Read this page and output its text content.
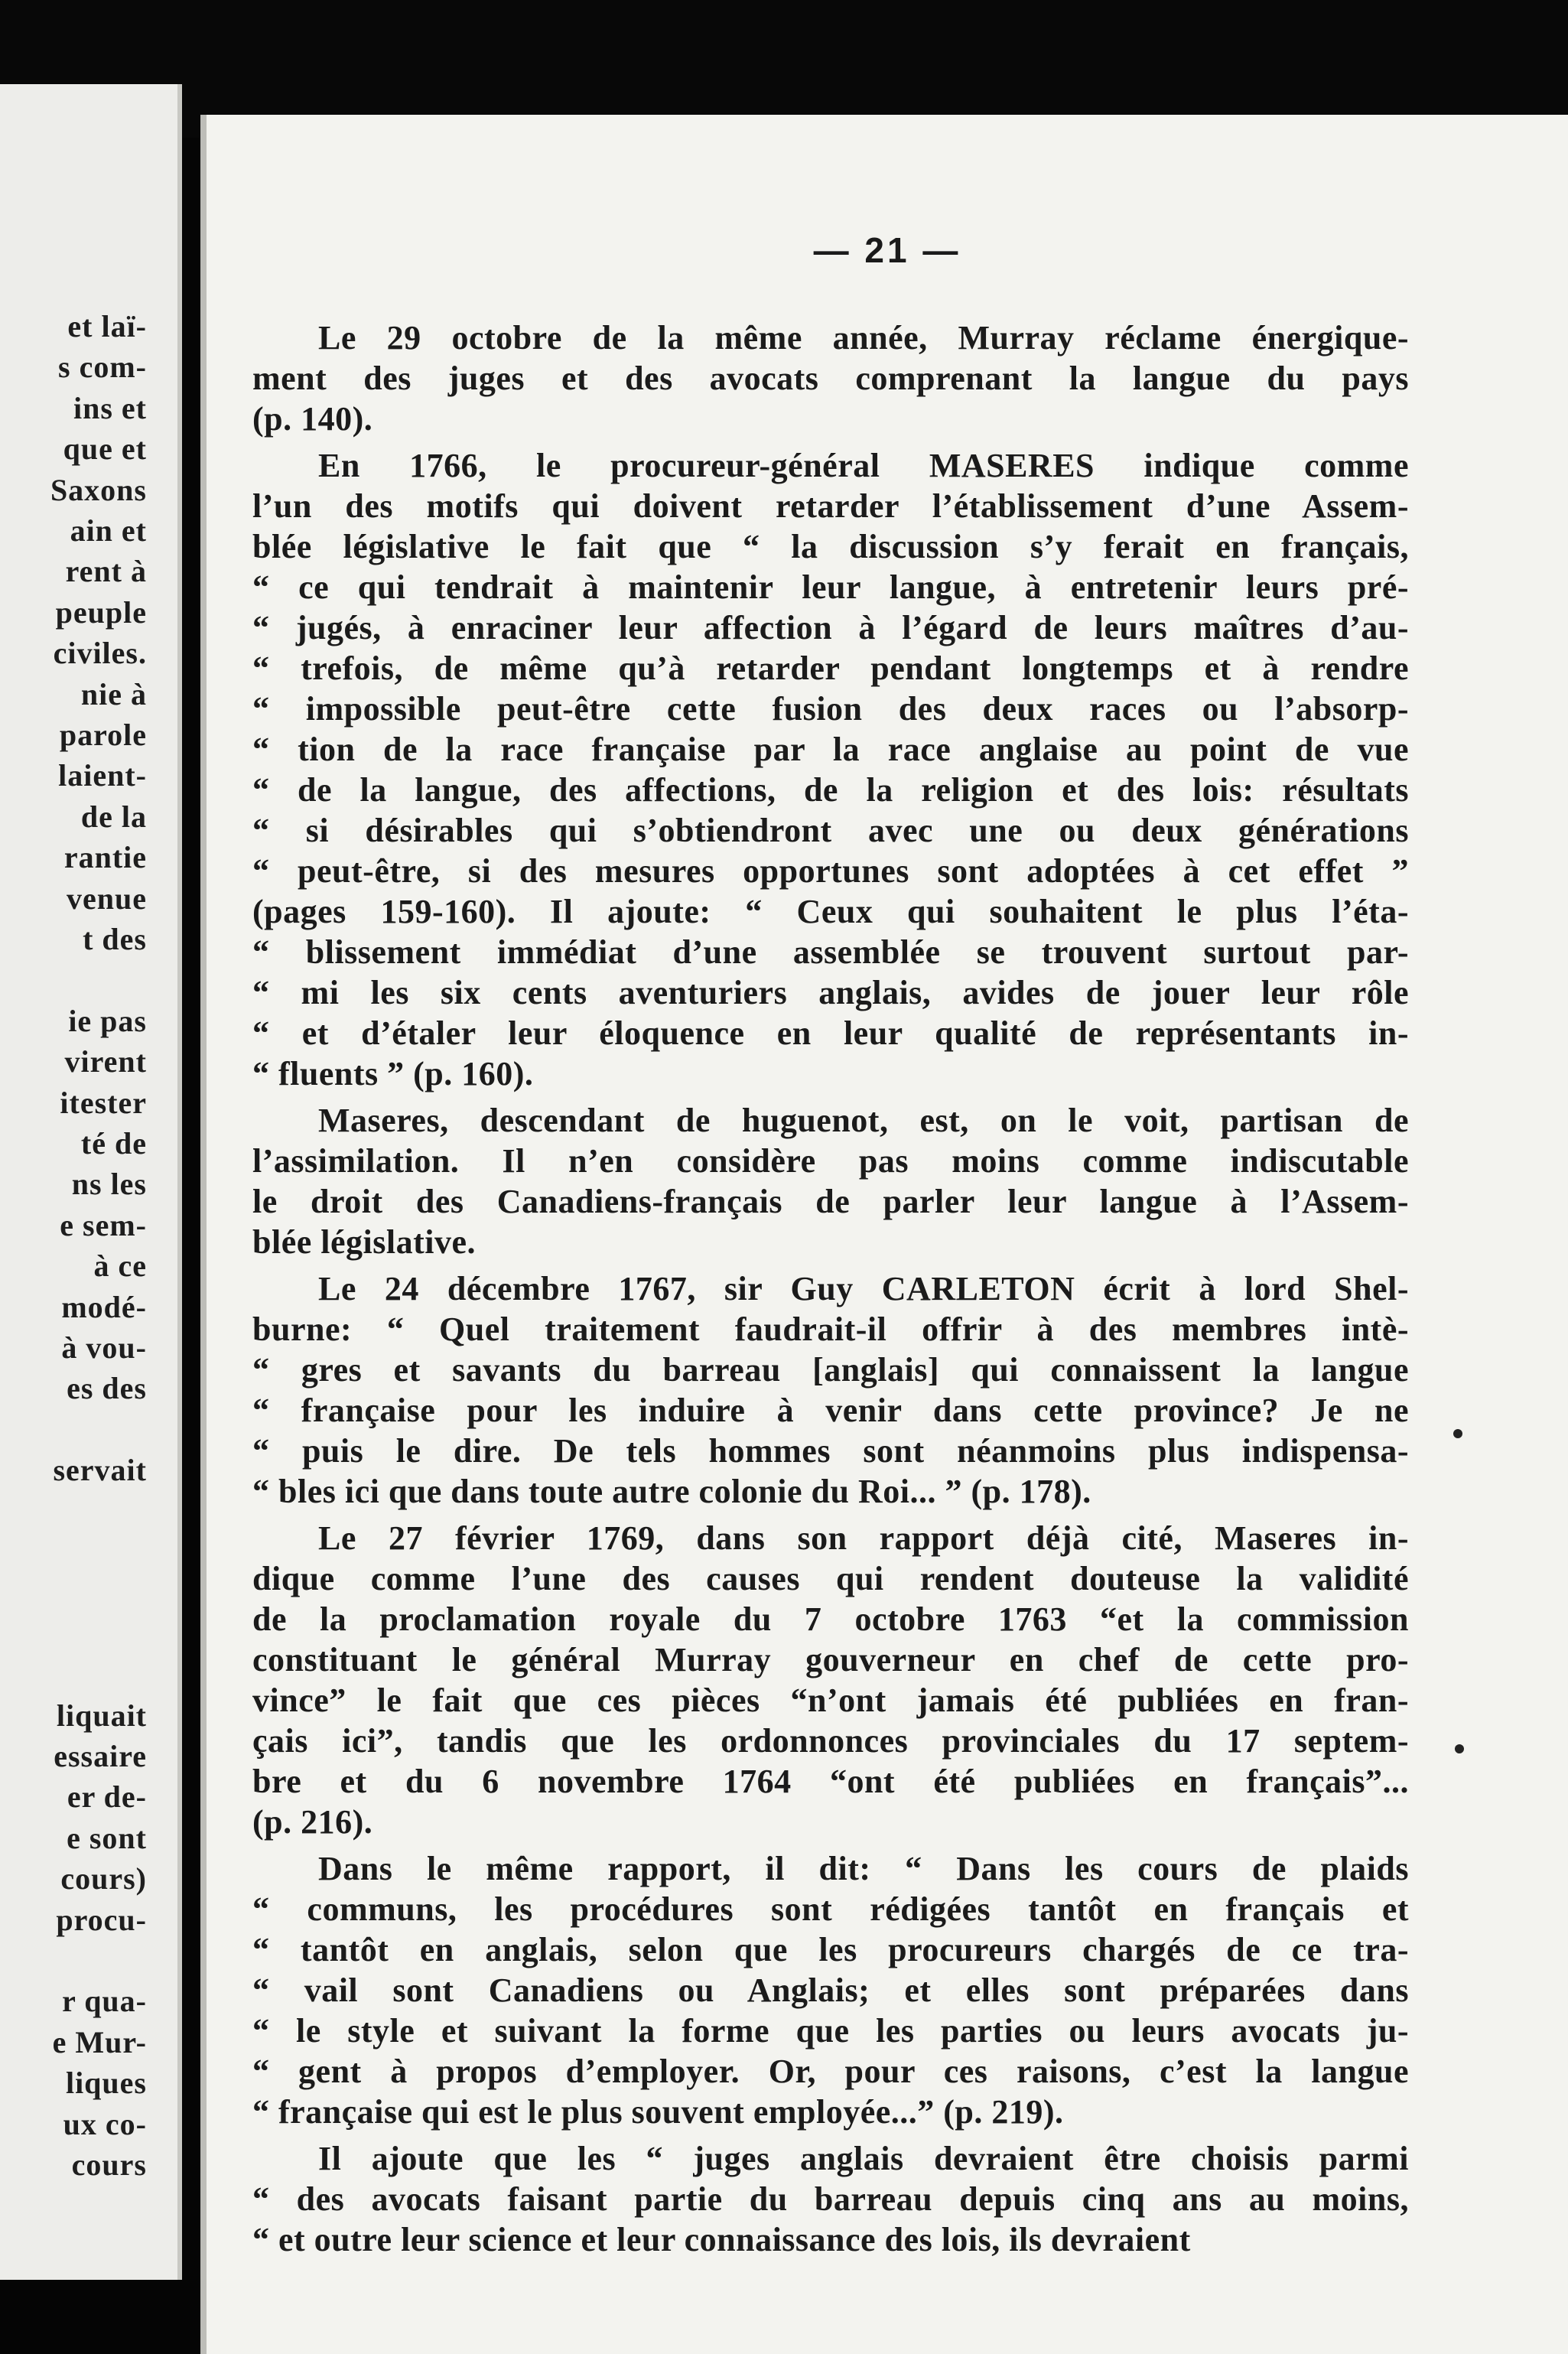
et laï-
s com-
ins et
que et
Saxons
ain et
rent à
peuple
civiles.
nie à
parole
laient-
de la
rantie
venue
t des
ie pas
virent
itester
té de
ns les
e sem-
à ce
modé-
à vou-
es des
servait
liquait
essaire
er de-
e sont
cours)
procu-
r qua-
e Mur-
liques
ux co-
cours
— 21 —
Le 29 octobre de la même année, Murray réclame énergique-
ment des juges et des avocats comprenant la langue du pays
(p. 140).
En 1766, le procureur-général MASERES indique comme
l’un des motifs qui doivent retarder l’établissement d’une Assem-
blée législative le fait que “ la discussion s’y ferait en français,
“ ce qui tendrait à maintenir leur langue, à entretenir leurs pré-
“ jugés, à enraciner leur affection à l’égard de leurs maîtres d’au-
“ trefois, de même qu’à retarder pendant longtemps et à rendre
“ impossible peut-être cette fusion des deux races ou l’absorp-
“ tion de la race française par la race anglaise au point de vue
“ de la langue, des affections, de la religion et des lois: résultats
“ si désirables qui s’obtiendront avec une ou deux générations
“ peut-être, si des mesures opportunes sont adoptées à cet effet ”
(pages 159-160). Il ajoute: “ Ceux qui souhaitent le plus l’éta-
“ blissement immédiat d’une assemblée se trouvent surtout par-
“ mi les six cents aventuriers anglais, avides de jouer leur rôle
“ et d’étaler leur éloquence en leur qualité de représentants in-
“ fluents ” (p. 160).
Maseres, descendant de huguenot, est, on le voit, partisan de
l’assimilation. Il n’en considère pas moins comme indiscutable
le droit des Canadiens-français de parler leur langue à l’Assem-
blée législative.
Le 24 décembre 1767, sir Guy CARLETON écrit à lord Shel-
burne: “ Quel traitement faudrait-il offrir à des membres intè-
“ gres et savants du barreau [anglais] qui connaissent la langue
“ française pour les induire à venir dans cette province? Je ne
“ puis le dire. De tels hommes sont néanmoins plus indispensa-
“ bles ici que dans toute autre colonie du Roi... ” (p. 178).
Le 27 février 1769, dans son rapport déjà cité, Maseres in-
dique comme l’une des causes qui rendent douteuse la validité
de la proclamation royale du 7 octobre 1763 “et la commission
constituant le général Murray gouverneur en chef de cette pro-
vince” le fait que ces pièces “n’ont jamais été publiées en fran-
çais ici”, tandis que les ordonnonces provinciales du 17 septem-
bre et du 6 novembre 1764 “ont été publiées en français”...
(p. 216).
Dans le même rapport, il dit: “ Dans les cours de plaids
“ communs, les procédures sont rédigées tantôt en français et
“ tantôt en anglais, selon que les procureurs chargés de ce tra-
“ vail sont Canadiens ou Anglais; et elles sont préparées dans
“ le style et suivant la forme que les parties ou leurs avocats ju-
“ gent à propos d’employer. Or, pour ces raisons, c’est la langue
“ française qui est le plus souvent employée...” (p. 219).
Il ajoute que les “ juges anglais devraient être choisis parmi
“ des avocats faisant partie du barreau depuis cinq ans au moins,
“ et outre leur science et leur connaissance des lois, ils devraient
